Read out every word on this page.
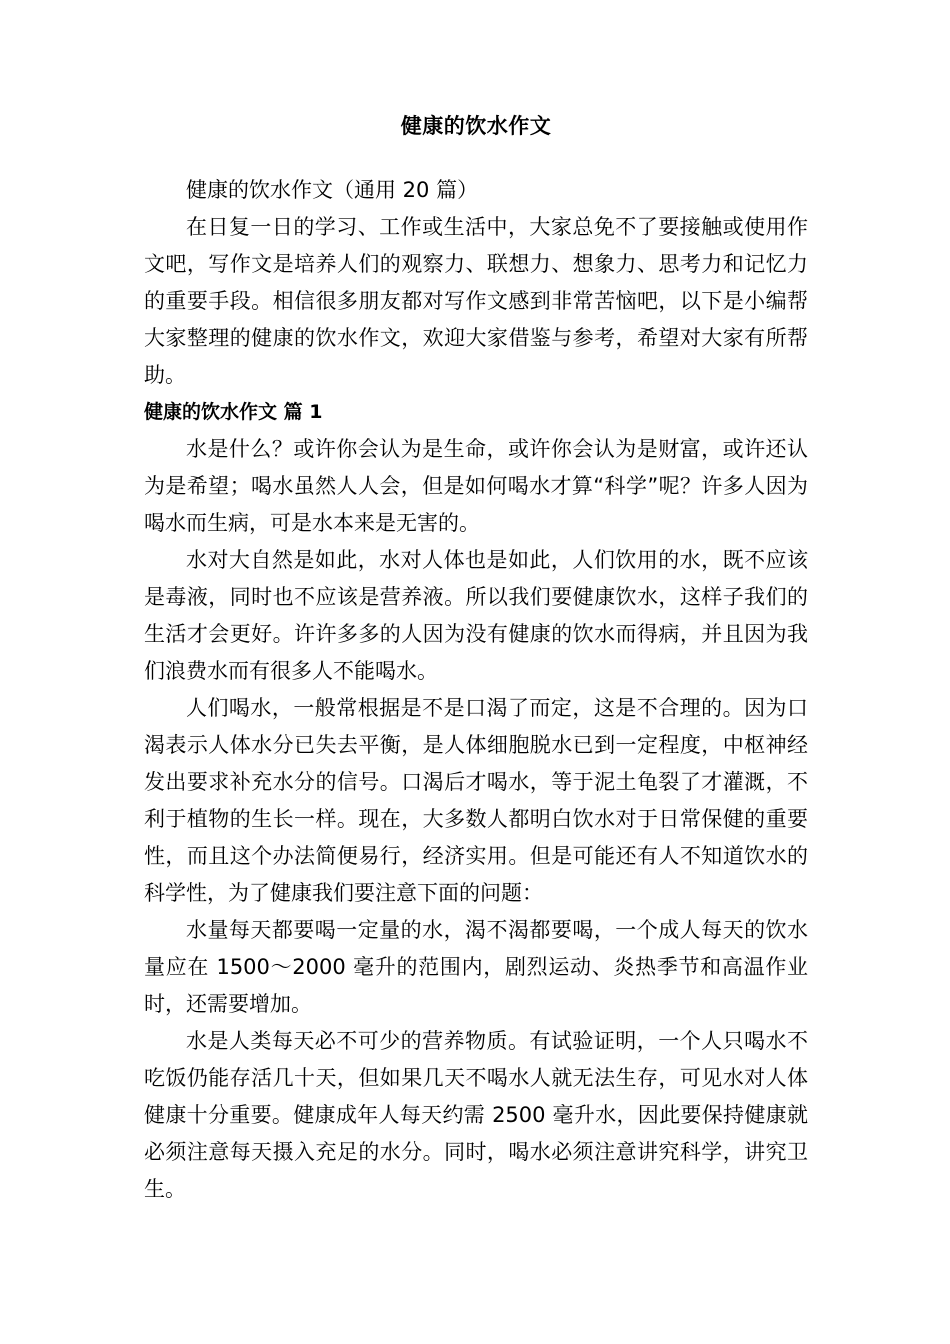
健康的饮水作文

健康的饮水作文（通用 20 篇）

在日复一日的学习、工作或生活中，大家总免不了要接触或使用作文吧，写作文是培养人们的观察力、联想力、想象力、思考力和记忆力的重要手段。相信很多朋友都对写作文感到非常苦恼吧，以下是小编帮大家整理的健康的饮水作文，欢迎大家借鉴与参考，希望对大家有所帮助。

健康的饮水作文 篇 1

水是什么？或许你会认为是生命，或许你会认为是财富，或许还认为是希望；喝水虽然人人会，但是如何喝水才算“科学”呢？许多人因为喝水而生病，可是水本来是无害的。

水对大自然是如此，水对人体也是如此，人们饮用的水，既不应该是毒液，同时也不应该是营养液。所以我们要健康饮水，这样子我们的生活才会更好。许许多多的人因为没有健康的饮水而得病，并且因为我们浪费水而有很多人不能喝水。

人们喝水，一般常根据是不是口渴了而定，这是不合理的。因为口渴表示人体水分已失去平衡，是人体细胞脱水已到一定程度，中枢神经发出要求补充水分的信号。口渴后才喝水，等于泥土龟裂了才灌溉，不利于植物的生长一样。现在，大多数人都明白饮水对于日常保健的重要性，而且这个办法简便易行，经济实用。但是可能还有人不知道饮水的科学性，为了健康我们要注意下面的问题：

水量每天都要喝一定量的水，渴不渴都要喝，一个成人每天的饮水量应在 1500～2000 毫升的范围内，剧烈运动、炎热季节和高温作业时，还需要增加。

水是人类每天必不可少的营养物质。有试验证明，一个人只喝水不吃饭仍能存活几十天，但如果几天不喝水人就无法生存，可见水对人体健康十分重要。健康成年人每天约需 2500 毫升水，因此要保持健康就必须注意每天摄入充足的水分。同时，喝水必须注意讲究科学，讲究卫生。
